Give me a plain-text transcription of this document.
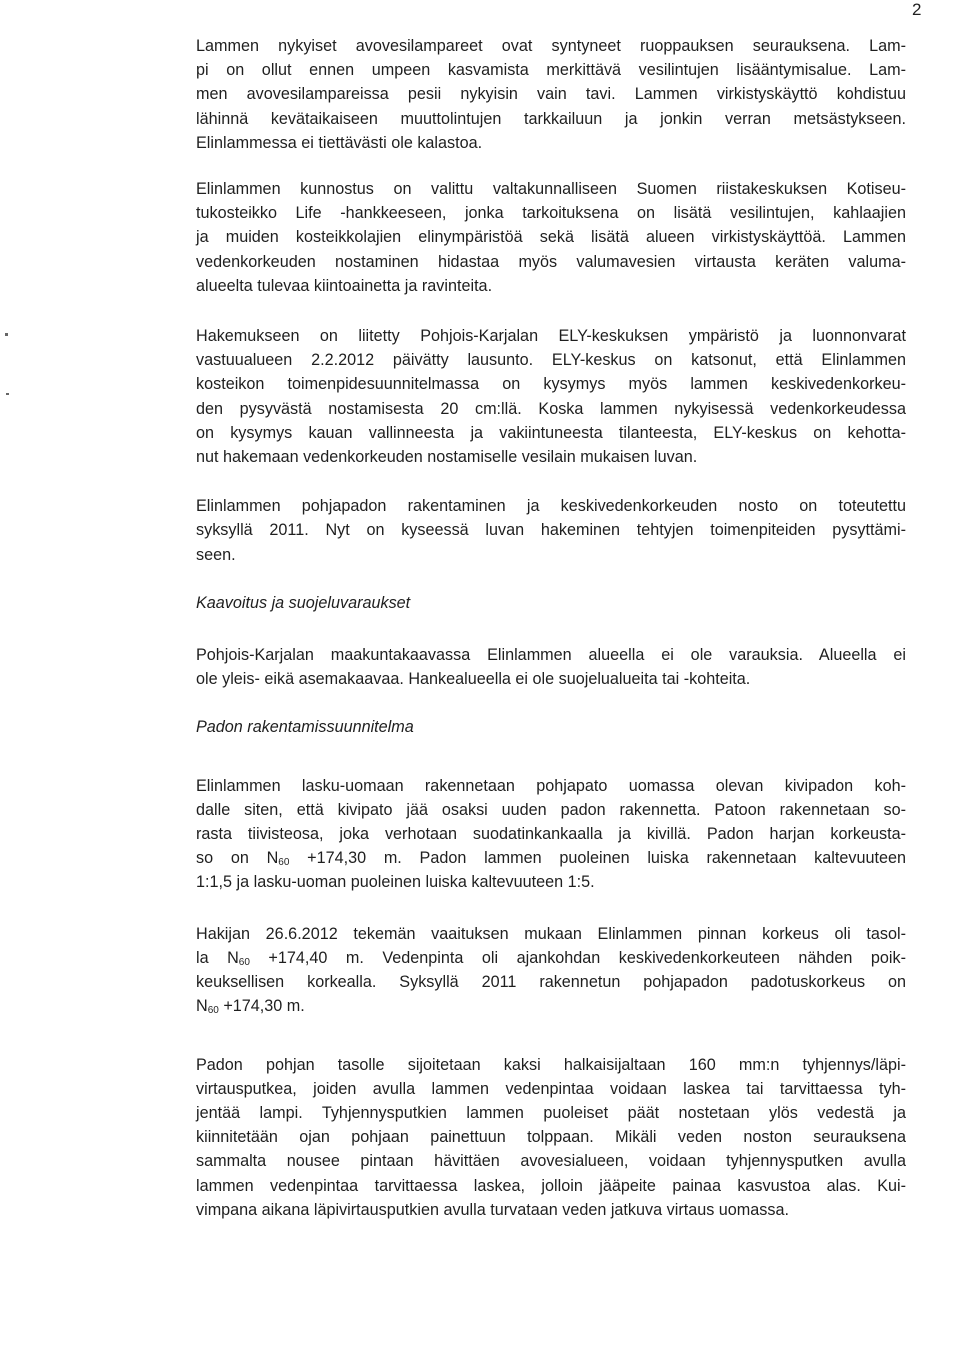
2

Lammen nykyiset avovesilampareet ovat syntyneet ruoppauksen seurauksena. Lam-
pi on ollut ennen umpeen kasvamista merkittävä vesilintujen lisääntymisalue. Lam-
men avovesilampareissa pesii nykyisin vain tavi. Lammen virkistyskäyttö kohdistuu
lähinnä kevätaikaiseen muuttolintujen tarkkailuun ja jonkin verran metsästykseen.
Elinlammessa ei tiettävästi ole kalastoa.

Elinlammen kunnostus on valittu valtakunnalliseen Suomen riistakeskuksen Kotiseu-
tukosteikko Life -hankkeeseen, jonka tarkoituksena on lisätä vesilintujen, kahlaajien
ja muiden kosteikkolajien elinympäristöä sekä lisätä alueen virkistyskäyttöä. Lammen
vedenkorkeuden nostaminen hidastaa myös valumavesien virtausta keräten valuma-
alueelta tulevaa kiintoainetta ja ravinteita.

Hakemukseen on liitetty Pohjois-Karjalan ELY-keskuksen ympäristö ja luonnonvarat
vastuualueen 2.2.2012 päivätty lausunto. ELY-keskus on katsonut, että Elinlammen
kosteikon toimenpidesuunnitelmassa on kysymys myös lammen keskivedenkorkeu-
den pysyvästä nostamisesta 20 cm:llä. Koska lammen nykyisessä vedenkorkeudessa
on kysymys kauan vallinneesta ja vakiintuneesta tilanteesta, ELY-keskus on kehotta-
nut hakemaan vedenkorkeuden nostamiselle vesilain mukaisen luvan.

Elinlammen pohjapadon rakentaminen ja keskivedenkorkeuden nosto on toteutettu
syksyllä 2011. Nyt on kyseessä luvan hakeminen tehtyjen toimenpiteiden pysyttämi-
seen.

Kaavoitus ja suojeluvaraukset

Pohjois-Karjalan maakuntakaavassa Elinlammen alueella ei ole varauksia. Alueella ei
ole yleis- eikä asemakaavaa. Hankealueella ei ole suojelualueita tai -kohteita.

Padon rakentamissuunnitelma

Elinlammen lasku-uomaan rakennetaan pohjapato uomassa olevan kivipadon koh-
dalle siten, että kivipato jää osaksi uuden padon rakennetta. Patoon rakennetaan so-
rasta tiivisteosa, joka verhotaan suodatinkankaalla ja kivillä. Padon harjan korkeusta-
so on $N_{60} +174,30$ m. Padon lammen puoleinen luiska rakennetaan kaltevuuteen
1:1,5 ja lasku-uoman puoleinen luiska kaltevuuteen 1:5.

Hakijan 26.6.2012 tekemän vaaituksen mukaan Elinlammen pinnan korkeus oli tasol-
la $N_{60} +174,40$ m. Vedenpinta oli ajankohdan keskivedenkorkeuteen nähden poik-
keuksellisen korkealla. Syksyllä 2011 rakennetun pohjapadon padotuskorkeus on
$N_{60} +174,30$ m.

Padon pohjan tasolle sijoitetaan kaksi halkaisijaltaan 160 mm:n tyhjennys/läpi-
virtausputkea, joiden avulla lammen vedenpintaa voidaan laskea tai tarvittaessa tyh-
jentää lampi. Tyhjennysputkien lammen puoleiset päät nostetaan ylös vedestä ja
kiinnitetään ojan pohjaan painettuun tolppaan. Mikäli veden noston seurauksena
sammalta nousee pintaan hävittäen avovesialueen, voidaan tyhjennysputken avulla
lammen vedenpintaa tarvittaessa laskea, jolloin jääpeite painaa kasvustoa alas. Kui-
vimpana aikana läpivirtausputkien avulla turvataan veden jatkuva virtaus uomassa.
